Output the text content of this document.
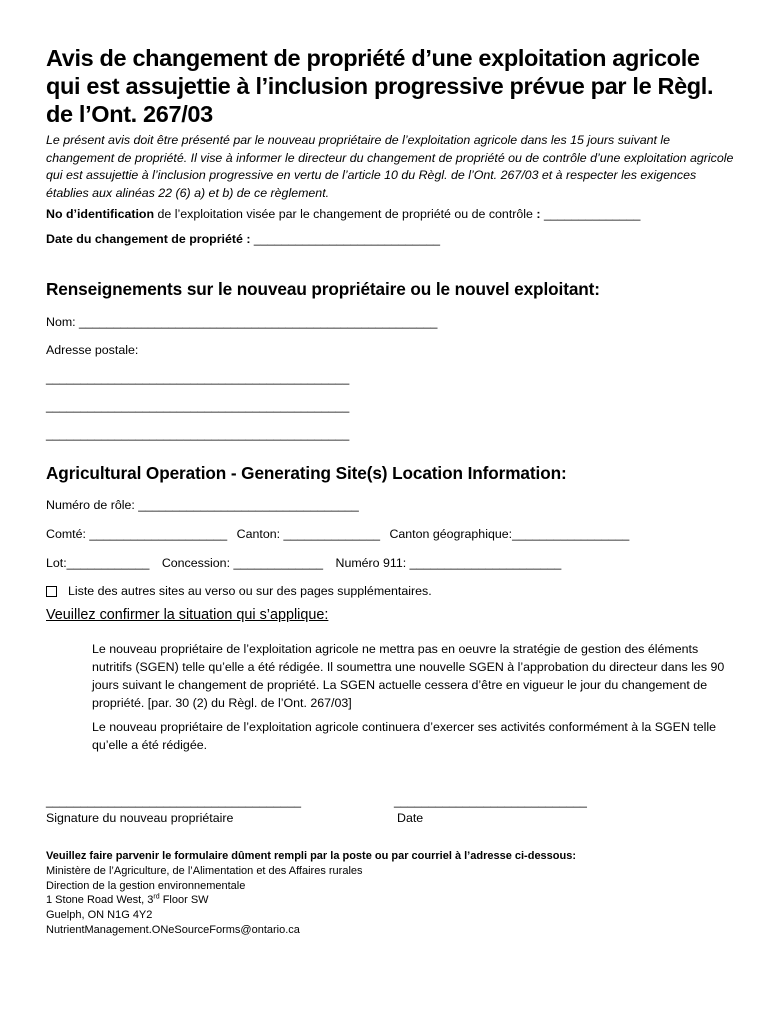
Avis de changement de propriété d’une exploitation agricole qui est assujettie à l’inclusion progressive prévue par le Règl. de l’Ont. 267/03

Le présent avis doit être présenté par le nouveau propriétaire de l’exploitation agricole dans les 15 jours suivant le changement de propriété. Il vise à informer le directeur du changement de propriété ou de contrôle d’une exploitation agricole qui est assujettie à l’inclusion progressive en vertu de l’article 10 du Règl. de l’Ont. 267/03 et à respecter les exigences établies aux alinéas 22 (6) a) et b) de ce règlement.

No d’identification de l’exploitation visée par le changement de propriété ou de contrôle : ______________

Date du changement de propriété : ___________________________

Renseignements sur le nouveau propriétaire ou le nouvel exploitant:

Nom: ____________________________________________________

Adresse postale:

____________________________________________
____________________________________________
____________________________________________
Agricultural Operation - Generating Site(s) Location Information:

Numéro de rôle: ________________________________

Comté: ____________________ Canton: ______________ Canton géographique:_________________

Lot:____________ Concession: _____________ Numéro 911: ______________________

Liste des autres sites au verso ou sur des pages supplémentaires.

Veuillez confirmer la situation qui s’applique:

Le nouveau propriétaire de l’exploitation agricole ne mettra pas en oeuvre la stratégie de gestion des éléments nutritifs (SGEN) telle qu’elle a été rédigée. Il soumettra une nouvelle SGEN à l’approbation du directeur dans les 90 jours suivant le changement de propriété. La SGEN actuelle cessera d’être en vigueur le jour du changement de propriété. [par. 30 (2) du Règl. de l’Ont. 267/03]
Le nouveau propriétaire de l’exploitation agricole continuera d’exercer ses activités conformément à la SGEN telle qu’elle a été rédigée.
_____________________________________
Signature du nouveau propriétaire
____________________________
Date
Veuillez faire parvenir le formulaire dûment rempli par la poste ou par courriel à l’adresse ci-dessous:
Ministère de l’Agriculture, de l’Alimentation et des Affaires rurales
Direction de la gestion environnementale
1 Stone Road West, 3rd Floor SW
Guelph, ON N1G 4Y2
NutrientManagement.ONeSourceForms@ontario.ca
